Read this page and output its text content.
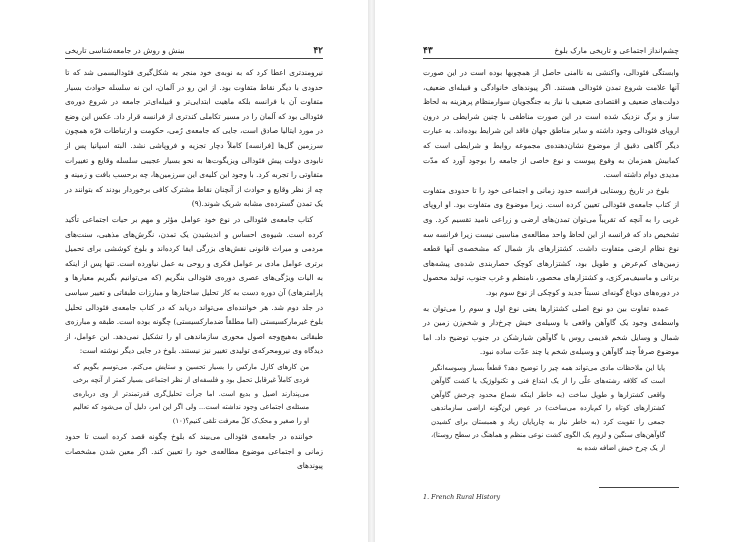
۴۲
بینش و روش در جامعه‌شناسی تاریخی

نیرومندتری اعطا کرد که به نوبه‌ی خود منجر به شکل‌گیری فئودالیسمی شد که تا حدودی با دیگر نقاط متفاوت بود. از این رو در آلمان، این نه سلسله حوادث بسیار متفاوت آن با فرانسه بلکه ماهیت ابتدایی‌تر و قبیله‌ای‌تر جامعه در شروع دوره‌ی فئودالی بود که آلمان را در مسیر تکاملی کندتری از فرانسه قرار داد. عکس این وضع در مورد ایتالیا صادق است، جایی که جامعه‌ی رُمی، حکومت و ارتباطات فرّه همچون سرزمین گل‌ها [فرانسه] کاملاً دچار تجزیه و فروپاشی نشد. البته اسپانیا پس از نابودی دولت پیش فئودالی ویزیگوت‌ها به نحو بسیار عجیبی سلسله وقایع و تغییرات متفاوتی را تجربه کرد. با وجود این کلیه‌ی این سرزمین‌ها، چه برحسب بافت و زمینه و چه از نظر وقایع و حوادث از آنچنان نقاط مشترک کافی برخوردار بودند که بتوانند در یک تمدن گسترده‌ی مشابه شریک شوند.(۹)

کتاب جامعه‌ی فئودالی در نوع خود عوامل مؤثر و مهم بر حیات اجتماعی تأکید کرده است. شیوه‌ی احساس و اندیشیدن یک تمدن، نگرش‌های مذهبی، سنت‌های مردمی و میراث قانونی نقش‌های بزرگی ایفا کرده‌اند و بلوخ کوششی برای تحمیل برتری عوامل مادی بر عوامل فکری و روحی به عمل نیاورده است. تنها پس از اینکه به الیات ویژگی‌های عصری دوره‌ی فئودالی بنگریم (که می‌توانیم بگیریم معیارها و پارامترهای) آن دوره دست به کار تحلیل ساختارها و مبارزات طبقاتی و تغییر سیاسی در جلد دوم شد. هر خواننده‌ای می‌تواند دریابد که در کتاب جامعه‌ی فئودالی تحلیل بلوخ غیرمارکسیستی (اما مطلقاً ضدمارکسیستی) چگونه بوده است. طبقه و مبارزه‌ی طبقاتی به‌هیچ‌وجه اصول محوری سازماندهی او را تشکیل نمی‌دهد. این عوامل، از دیدگاه وی نیرومحرکه‌ی تولیدی تغییر نیز نیستند. بلوخ در جایی دیگر نوشته است:

من کارهای کارل مارکس را بسیار تحسین و ستایش می‌کنم. می‌توسم بگویم که فردی کاملاً غیرقابل تحمل بود و فلسفه‌ای از نظر اجتماعی بسیار کمتر از آنچه برخی می‌پندارند اصیل و بدیع است. اما جرأت تحلیل‌گری قدرتمندتر از وی درباره‌ی مسئله‌ی اجتماعی وجود نداشته است... ولی اگر این امر، دلیل آن می‌شود که تعالیم او را صغیر و محک‌ک کلّ معرفت تلقی کنیم؟(۱۰)

خواننده در جامعه‌ی فئودالی می‌بیند که بلوخ چگونه قصد کرده است تا حدود زمانی و اجتماعی موضوع مطالعه‌ی خود را تعیین کند. اگر معین شدن مشخصات پیوندهای

۴۳	چشم‌انداز اجتماعی و تاریخی مارک بلوخ

وابستگی فئودالی، واکنشی به ناامنی حاصل از همچوبها بوده است در این صورت آنها علامت شروع تمدن فئودالی هستند. اگر پیوندهای خانوادگی و قبیله‌ای ضعیف، دولت‌های ضعیف و اقتصادی ضعیف با نیاز به جنگجویان سوارمنظام پرهزینه به لحاظ ساز و برگ نزدیک شده است در این صورت مناطقی با چنین شرایطی در درون اروپای فئودالی وجود داشته و سایر مناطق جهان فاقد این شرایط بوده‌اند. به عبارت دیگر آگاهی دقیق از موضوع نشان‌دهنده‌ی مجموعه روابط و شرایطی است که کمابیش همزمان به وقوع پیوست و نوع خاصی از جامعه را بوجود آورد که مدّت مدیدی دوام داشته است.

بلوخ در تاریخ روستایی فرانسه حدود زمانی و اجتماعی خود را تا حدودی متفاوت از کتاب جامعه‌ی فئودالی تعیین کرده است. زیرا موضوع وی متفاوت بود. او اروپای غربی را به آنچه که تقریباً می‌توان تمدن‌های ارضی و زراعی نامید تقسیم کرد. وی تشخیص داد که فرانسه از این لحاظ واحد مطالعه‌ی مناسبی نیست زیرا فرانسه سه نوع نظام ارضی متفاوت داشت. کشتزارهای باز شمال که مشخصه‌ی آنها قطعه زمین‌های کم‌عرض و طویل بود، کشتزارهای کوچک حصاربندی شده‌ی پیشه‌های برتانی و ماسیف‌مرکزی، و کشتزارهای محصور، نامنظم و غرب جنوب، تولید محصول در دوره‌های دوباغ گونه‌ای نسبتاً جدید و کوچکی از نوع سوم بود.

عمده تفاوت بین دو نوع اصلی کشتزارها یعنی نوع اول و سوم را می‌توان به واسطه‌ی وجود یک گاوآهن واقعی با وسیله‌ی خیش چرخ‌دار و شخم‌زن زمین در شمال و وسایل شخم قدیمی روس یا گاوآهن شیارشکن در جنوب توضیح داد. اما موضوع صرفاً چند گاوآهن و وسیله‌ی شخم یا چند عدّت ساده نبود.

پایا این ملاحظات مادی می‌تواند همه چیز را توضیح دهد؟ قطعاً بسیار وسوسه‌انگیز است که کلافه رشته‌های علّی را از یک ابتداع فنی و تکنولوژیک یا کشت گاوآهن واقعی کشتزارها و طویل ساخت (به خاطر اینکه شماع محدود چرخش گاوآهن کشتزارهای کوتاه را کم‌بازده می‌ساخت) در عوض این‌گونه اراضی سازماندهی جمعی را تقویت کرد (به خاطر نیاز به چارپایان زیاد و همبستان برای کشیدن گاوآهن‌های سنگین و لزوم یک الگوی کشت نوعی منظم و هماهنگ در سطح روستا)، از یک چرخ خیش اضافه شده به

1. French Rural History
